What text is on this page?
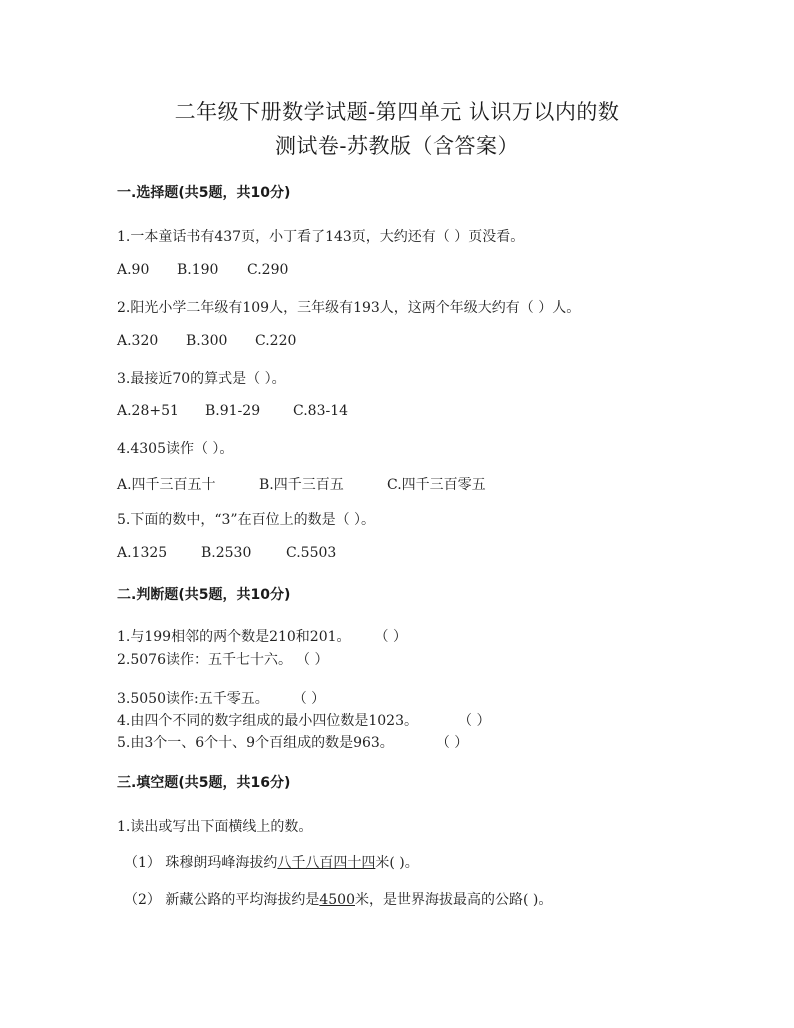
二年级下册数学试题-第四单元 认识万以内的数
测试卷-苏教版（含答案）
一.选择题(共5题，共10分)
1.一本童话书有437页，小丁看了143页，大约还有（ ）页没看。
A.90 B.190 C.290
2.阳光小学二年级有109人，三年级有193人，这两个年级大约有（ ）人。
A.320 B.300 C.220
3.最接近70的算式是（ ）。
A.28+51 B.91-29 C.83-14
4.4305读作（ ）。
A.四千三百五十	B.四千三百五	C.四千三百零五
5.下面的数中，“3”在百位上的数是（ ）。
A.1325 B.2530 C.5503
二.判断题(共5题，共10分)
1.与199相邻的两个数是210和201。 （ ）
2.5076读作：五千七十六。 （ ）
3.5050读作:五千零五。 （ ）
4.由四个不同的数字组成的最小四位数是1023。	（ ）
5.由3个一、6个十、9个百组成的数是963。	（ ）
三.填空题(共5题，共16分)
1.读出或写出下面横线上的数。
（1） 珠穆朗玛峰海拔约八千八百四十四米( )。
（2） 新藏公路的平均海拔约是4500米，是世界海拔最高的公路( )。
